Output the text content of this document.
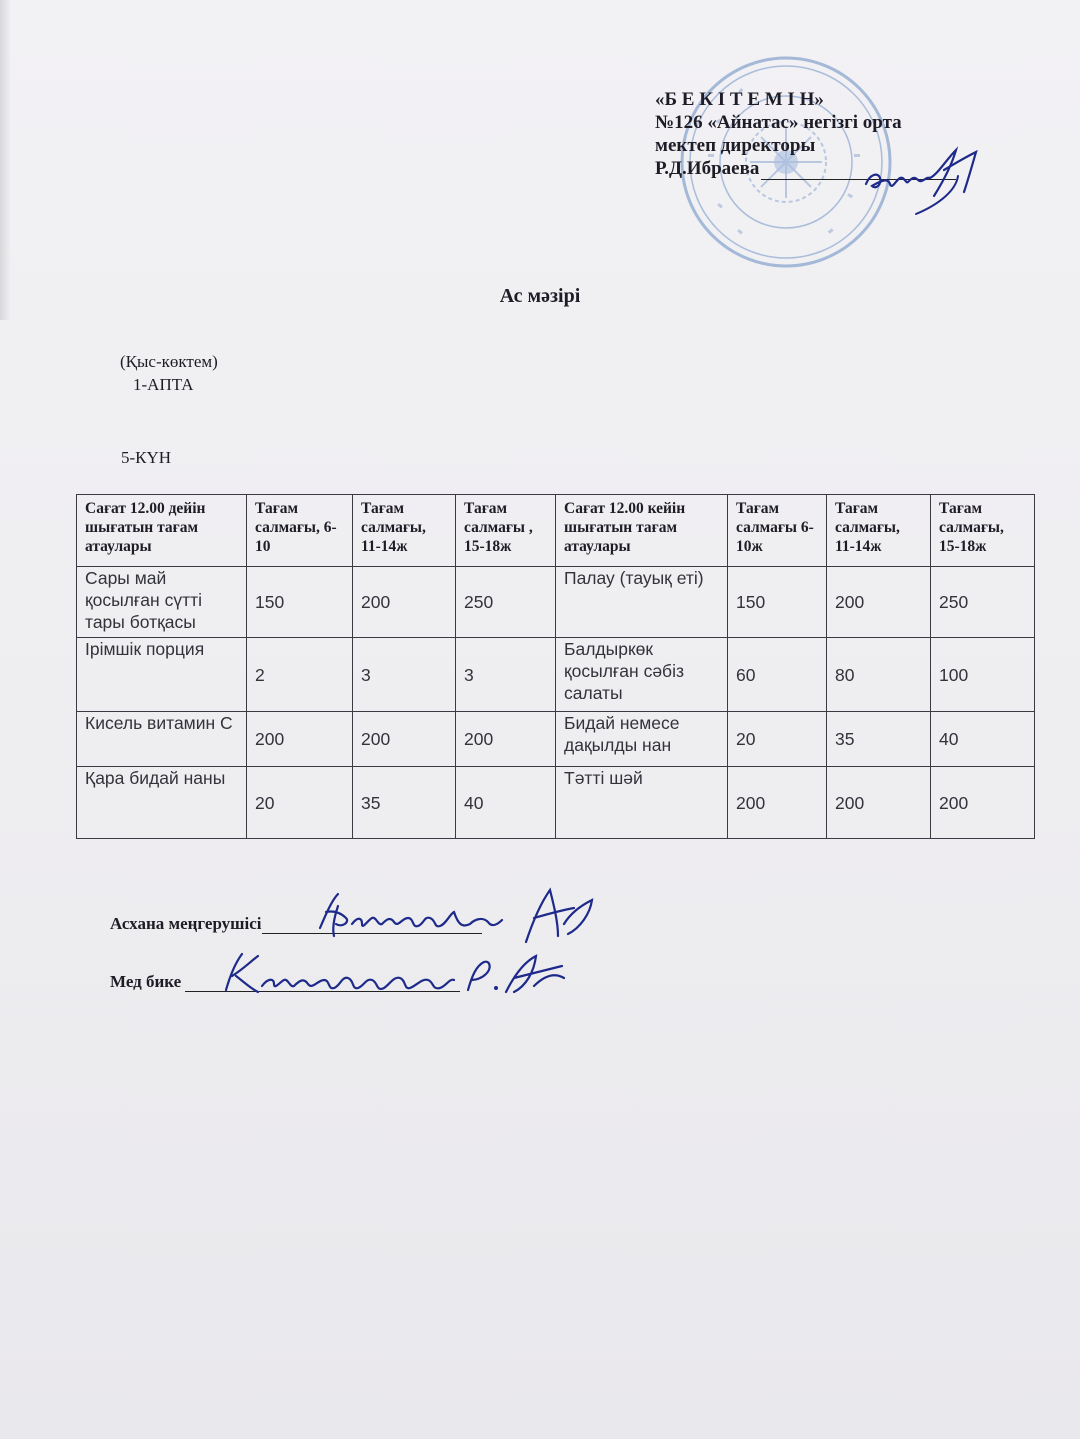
«Б Е К І Т Е М І Н»
№126 «Айнатас» негізгі орта
мектеп директоры
Р.Д.Ибраева
Ас мәзірі
(Қыс-көктем)
1-АПТА
5-КҮН
Сағат 12.00 дейін шығатын тағам атаулары	Тағам салмағы, 6-10	Тағам салмағы, 11-14ж	Тағам салмағы , 15-18ж	Сағат 12.00 кейін шығатын тағам атаулары	Тағам салмағы 6-10ж	Тағам салмағы, 11-14ж	Тағам салмағы, 15-18ж
Сары май қосылған сүтті тары ботқасы	150	200	250	Палау (тауық еті)	150	200	250
Ірімшік порция	2	3	3	Балдыркөк қосылған сәбіз салаты	60	80	100
Кисель витамин С	200	200	200	Бидай немесе дақылды нан	20	35	40
Қара бидай наны	20	35	40	Тәтті шәй	200	200	200
Асхана меңгерушісі
Мед бике
